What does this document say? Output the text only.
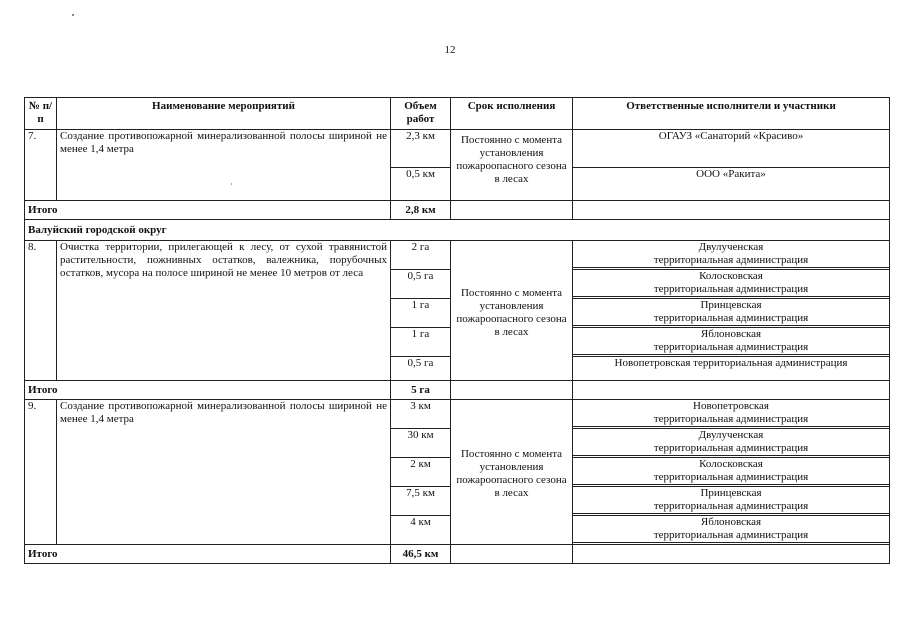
12
·
№ п/п	Наименование мероприятий	Объем работ	Срок исполнения	Ответственные исполнители и участники
7.	Создание противопожарной минерализованной полосы шириной не менее 1,4 метра	2,3 км	Постоянно с момента установления пожароопасного сезона в лесах	ОГАУЗ «Санаторий «Красиво»
		0,5 км		ООО «Ракита»
Итого		2,8 км		
Валуйский городской округ				
8.	Очистка территории, прилегающей к лесу, от сухой травянистой растительности, пожнивных остатков, валежника, порубочных остатков, мусора на полосе шириной не менее 10 метров от леса	2 га	Постоянно с момента установления пожароопасного сезона в лесах	Двулученская
территориальная администрация

		0,5 га		Колосковская
территориальная администрация

		1 га		Принцевская
территориальная администрация

		1 га		Яблоновская
территориальная администрация

		0,5 га		Новопетровская территориальная администрация
Итого		5 га		
9.	Создание противопожарной минерализованной полосы шириной не менее 1,4 метра	3 км	Постоянно с момента установления пожароопасного сезона в лесах	Новопетровская
территориальная администрация

		30 км		Двулученская
территориальная администрация

		2 км		Колосковская
территориальная администрация

		7,5 км		Принцевская
территориальная администрация

		4 км		Яблоновская
территориальная администрация

Итого		46,5 км		
